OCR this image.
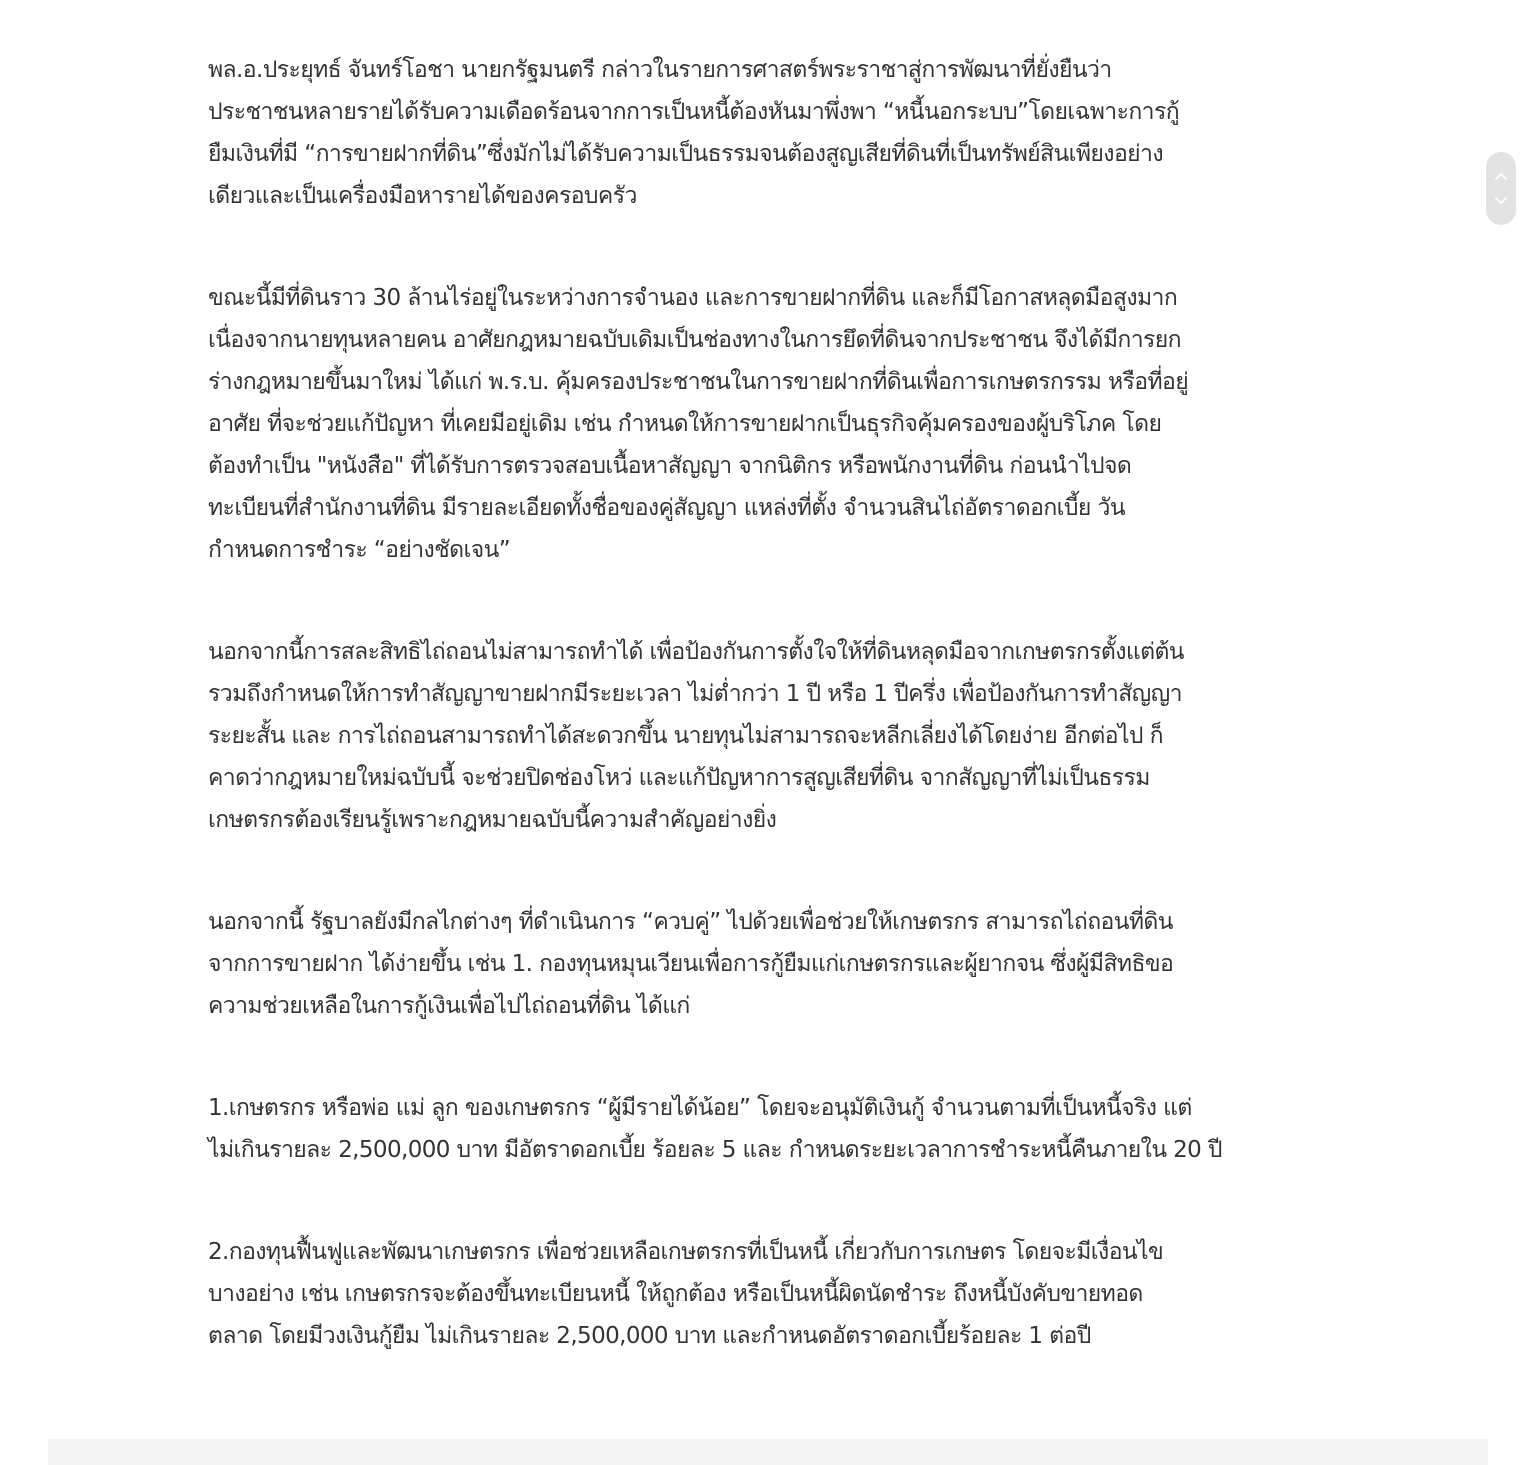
พล.อ.ประยุทธ์ จันทร์โอชา นายกรัฐมนตรี กล่าวในรายการศาสตร์พระราชาสู่การพัฒนาที่ยั่งยืนว่า
ประชาชนหลายรายได้รับความเดือดร้อนจากการเป็นหนี้ต้องหันมาพึ่งพา “หนี้นอกระบบ”โดยเฉพาะการกู้
ยืมเงินที่มี “การขายฝากที่ดิน”ซึ่งมักไม่ได้รับความเป็นธรรมจนต้องสูญเสียที่ดินที่เป็นทรัพย์สินเพียงอย่าง
เดียวและเป็นเครื่องมือหารายได้ของครอบครัว

ขณะนี้มีที่ดินราว 30 ล้านไร่อยู่ในระหว่างการจำนอง และการขายฝากที่ดิน และก็มีโอกาสหลุดมือสูงมาก
เนื่องจากนายทุนหลายคน อาศัยกฎหมายฉบับเดิมเป็นช่องทางในการยึดที่ดินจากประชาชน จึงได้มีการยก
ร่างกฎหมายขึ้นมาใหม่ ได้แก่ พ.ร.บ. คุ้มครองประชาชนในการขายฝากที่ดินเพื่อการเกษตรกรรม หรือที่อยู่
อาศัย ที่จะช่วยแก้ปัญหา ที่เคยมีอยู่เดิม เช่น กำหนดให้การขายฝากเป็นธุรกิจคุ้มครองของผู้บริโภค โดย
ต้องทำเป็น "หนังสือ" ที่ได้รับการตรวจสอบเนื้อหาสัญญา จากนิติกร หรือพนักงานที่ดิน ก่อนนำไปจด
ทะเบียนที่สำนักงานที่ดิน มีรายละเอียดทั้งชื่อของคู่สัญญา แหล่งที่ตั้ง จำนวนสินไถ่อัตราดอกเบี้ย วัน
กำหนดการชำระ “อย่างชัดเจน”

นอกจากนี้การสละสิทธิไถ่ถอนไม่สามารถทำได้ เพื่อป้องกันการตั้งใจให้ที่ดินหลุดมือจากเกษตรกรตั้งแต่ต้น
รวมถึงกำหนดให้การทำสัญญาขายฝากมีระยะเวลา ไม่ต่ำกว่า 1 ปี หรือ 1 ปีครึ่ง เพื่อป้องกันการทำสัญญา
ระยะสั้น และ การไถ่ถอนสามารถทำได้สะดวกขึ้น นายทุนไม่สามารถจะหลีกเลี่ยงได้โดยง่าย อีกต่อไป ก็
คาดว่ากฎหมายใหม่ฉบับนี้ จะช่วยปิดช่องโหว่ และแก้ปัญหาการสูญเสียที่ดิน จากสัญญาที่ไม่เป็นธรรม
เกษตรกรต้องเรียนรู้เพราะกฎหมายฉบับนี้ความสำคัญอย่างยิ่ง

นอกจากนี้ รัฐบาลยังมีกลไกต่างๆ ที่ดำเนินการ “ควบคู่” ไปด้วยเพื่อช่วยให้เกษตรกร สามารถไถ่ถอนที่ดิน
จากการขายฝาก ได้ง่ายขึ้น เช่น 1. กองทุนหมุนเวียนเพื่อการกู้ยืมแก่เกษตรกรและผู้ยากจน ซึ่งผู้มีสิทธิขอ
ความช่วยเหลือในการกู้เงินเพื่อไปไถ่ถอนที่ดิน ได้แก่

1.เกษตรกร หรือพ่อ แม่ ลูก ของเกษตรกร “ผู้มีรายได้น้อย” โดยจะอนุมัติเงินกู้ จำนวนตามที่เป็นหนี้จริง แต่
ไม่เกินรายละ 2,500,000 บาท มีอัตราดอกเบี้ย ร้อยละ 5 และ กำหนดระยะเวลาการชำระหนี้คืนภายใน 20 ปี

2.กองทุนฟื้นฟูและพัฒนาเกษตรกร เพื่อช่วยเหลือเกษตรกรที่เป็นหนี้ เกี่ยวกับการเกษตร โดยจะมีเงื่อนไข
บางอย่าง เช่น เกษตรกรจะต้องขึ้นทะเบียนหนี้ ให้ถูกต้อง หรือเป็นหนี้ผิดนัดชำระ ถึงหนี้บังคับขายทอด
ตลาด โดยมีวงเงินกู้ยืม ไม่เกินรายละ 2,500,000 บาท และกำหนดอัตราดอกเบี้ยร้อยละ 1 ต่อปี
